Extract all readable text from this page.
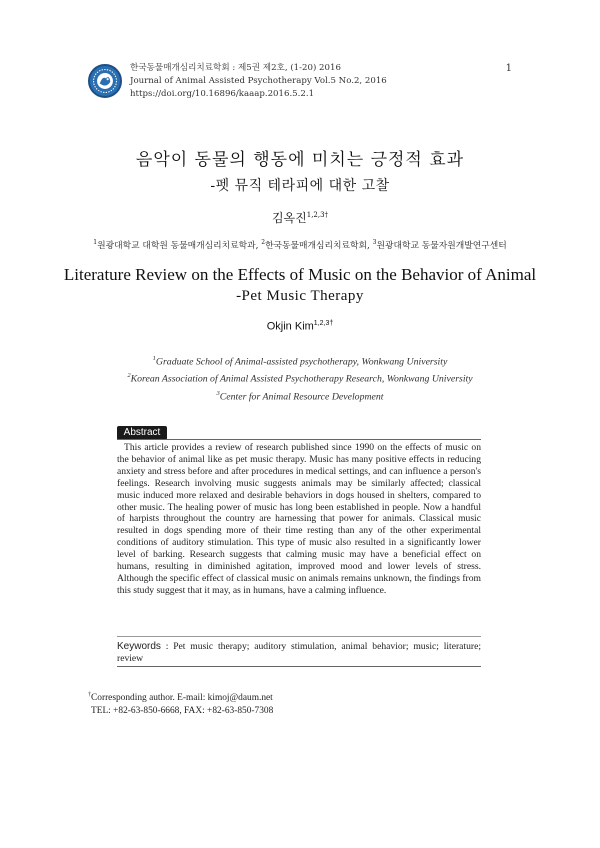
한국동물매개심리치료학회 : 제5권 제2호, (1-20) 2016
Journal of Animal Assisted Psychotherapy Vol.5 No.2, 2016
https://doi.org/10.16896/kaaap.2016.5.2.1
1
음악이 동물의 행동에 미치는 긍정적 효과
-펫 뮤직 테라피에 대한 고찰
김옥진$^{1,2,3\dagger}$
$^1$원광대학교 대학원 동물매개심리치료학과, $^2$한국동물매개심리치료학회, $^3$원광대학교 동물자원개발연구센터
Literature Review on the Effects of Music on the Behavior of Animal
-Pet Music Therapy
Okjin Kim$^{1,2,3\dagger}$
$^1$Graduate School of Animal-assisted psychotherapy, Wonkwang University
$^2$Korean Association of Animal Assisted Psychotherapy Research, Wonkwang University
$^3$Center for Animal Resource Development
Abstract
This article provides a review of research published since 1990 on the effects of music on the behavior of animal like as pet music therapy. Music has many positive effects in reducing anxiety and stress before and after procedures in medical settings, and can influence a person's feelings. Research involving music suggests animals may be similarly affected; classical music induced more relaxed and desirable behaviors in dogs housed in shelters, compared to other music. The healing power of music has long been established in people. Now a handful of harpists throughout the country are harnessing that power for animals. Classical music resulted in dogs spending more of their time resting than any of the other experimental conditions of auditory stimulation. This type of music also resulted in a significantly lower level of barking. Research suggests that calming music may have a beneficial effect on humans, resulting in diminished agitation, improved mood and lower levels of stress. Although the specific effect of classical music on animals remains unknown, the findings from this study suggest that it may, as in humans, have a calming influence.
Keywords : Pet music therapy; auditory stimulation, animal behavior; music; literature; review
†Corresponding author. E-mail: kimoj@daum.net
TEL: +82-63-850-6668, FAX: +82-63-850-7308
